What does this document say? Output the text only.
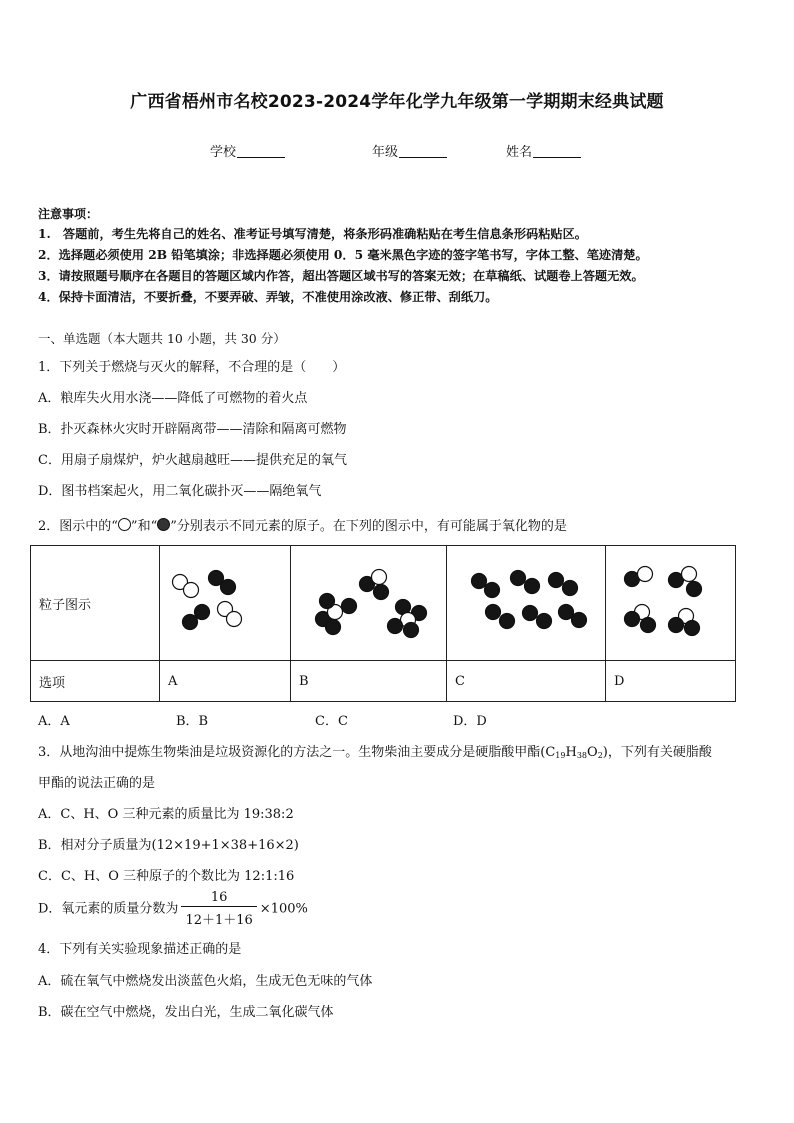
广西省梧州市名校2023-2024学年化学九年级第一学期期末经典试题
学校	年级	姓名
注意事项：
1.　答题前，考生先将自己的姓名、准考证号填写清楚，将条形码准确粘贴在考生信息条形码粘贴区。
2．选择题必须使用 2B 铅笔填涂；非选择题必须使用 0．5 毫米黑色字迹的签字笔书写，字体工整、笔迹清楚。
3．请按照题号顺序在各题目的答题区域内作答，超出答题区域书写的答案无效；在草稿纸、试题卷上答题无效。
4．保持卡面清洁，不要折叠，不要弄破、弄皱，不准使用涂改液、修正带、刮纸刀。
一、单选题（本大题共 10 小题，共 30 分）
1．下列关于燃烧与灭火的解释，不合理的是（　　）
A．粮库失火用水浇——降低了可燃物的着火点
B．扑灭森林火灾时开辟隔离带——清除和隔离可燃物
C．用扇子扇煤炉，炉火越扇越旺——提供充足的氧气
D．图书档案起火，用二氧化碳扑灭——隔绝氧气
2．图示中的“ ”和“ ”分别表示不同元素的原子。在下列的图示中，有可能属于氧化物的是
粒子图示	

选项	A	B	C	D
A．A	B．B	C．C	D．D
3．从地沟油中提炼生物柴油是垃圾资源化的方法之一。生物柴油主要成分是硬脂酸甲酯$(C_{19}H_{38}O_2)$，下列有关硬脂酸
甲酯的说法正确的是
A．C、H、O 三种元素的质量比为 19:38:2
B．相对分子质量为(12×19+1×38+16×2)
C．C、H、O 三种原子的个数比为 12:1:16
D．氧元素的质量分数为 $\frac{16}{12+1+16} \times 100\%$
4．下列有关实验现象描述正确的是
A．硫在氧气中燃烧发出淡蓝色火焰，生成无色无味的气体
B．碳在空气中燃烧，发出白光，生成二氧化碳气体
